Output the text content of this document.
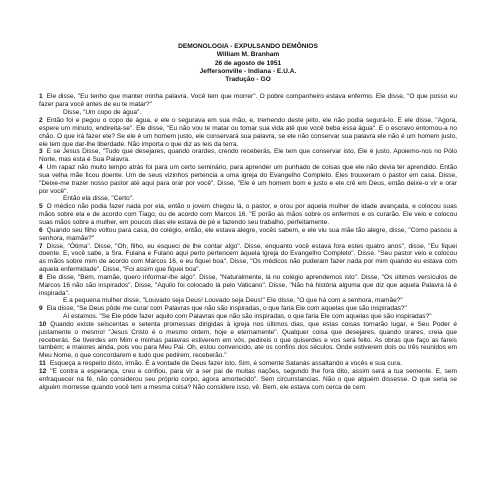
DEMONOLOGIA - EXPULSANDO DEMÔNIOS
William M. Branham
26 de agosto de 1951
Jeffersonville - Indiana - E.U.A.
Tradução - GO

1 Ele disse, "Eu tenho que manter minha palavra. Você tem que morrer". O pobre companheiro estava enfermo. Ele disse, "O que posso eu fazer para você antes de eu te matar?"

Disse, "Um copo de água".

2 Então foi e pegou o copo de água, e ele o segurava em sua mão, e, tremendo deste jeito, ele não podia segurá-lo. E ele disse, "Agora, espere um minuto, endireita-se". Ele disse, "Eu não vou te matar ou tomar sua vida até que você beba essa água". E o escravo entornou-a no chão. O que irá fazer ele? Se ele é um homem justo, ele conservará sua palavra, se ele não conservar sua palavra ele não é um homem justo, ele tem que dar-lhe liberdade. Não importa o que diz as leis da terra.

3 E se Jesus Disse, "Tudo que desejares, quando orardes, crendo receberás, Ele tem que conservar isto, Ele é justo. Apoiemo-nos no Pólo Norte, mas esta é Sua Palavra.

4 Um rapaz não muito tempo atrás foi para um certo seminário, para aprender um punhado de coisas que ele não devia ter aprendido. Então sua velha mãe ficou doente. Um de seus vizinhos pertencia a uma igreja do Evangelho Completo. Eles trouxeram o pastor em casa. Disse, "Deixe-me trazer nosso pastor até aqui para orar por você". Disse, "Ele é um homem bom e justo e ele crê em Deus, então deixe-o vir e orar por você".

Então ela disse, "Certo".

5 O médico não podia fazer nada por ela, então o jovem chegou lá, o pastor, e orou por aquela mulher de idade avançada, e colocou suas mãos sobre ela e de acordo com Tiago, ou de acordo com Marcos 16. "E porão as mãos sobre os enfermos e os curarão. Ele veio e colocou suas mãos sobre a mulher, em poucos dias ele estava de pé e fazendo seu trabalho, perfeitamente.

6 Quando seu filho voltou para casa, do colégio, então, ele estava alegre, vocês sabem, e ele viu sua mãe tão alegre, disse, "Como passou a senhora, mamãe?"

7 Disse, "Ótima". Disse, "Oh, filho, eu esqueci de lhe contar algo". Disse, enquanto você estava fora estes quatro anos", disse, "Eu fiquei doente. E, você sabe, a Sra. Fulana e Fulano aqui perto pertencem àquela Igreja do Evangelho Completo". Disse. "Seu pastor veio e colocou as mãos sobre mim de acordo com Marcos 16, e eu fiquei boa". Disse, "Os médicos não puderam fazer nada por mim quando eu estava com aquela enfermidade". Disse, "Foi assim que fiquei boa".

8 Ele disse, "Bem, mamãe, quero informar-lhe algo". Disse, "Naturalmente, lá no colégio aprendemos isto". Disse, "Os últimos versículos de Marcos 16 não são inspirados". Disse, "Aquilo foi colocado lá pelo Vaticano". Disse, "Não há história alguma que diz que aquela Palavra lá é inspirada".

E a pequena mulher disse, "Louvado seja Deus! Louvado seja Deus!" Ele disse, "O que há com a senhora, mamãe?"

9 Ela disse, "Se Deus pôde me curar com Palavras que não são inspiradas, o que faria Ele com aquelas que são inspiradas?"

Aí estamos. "Se Ele pôde fazer aquilo com Palavras que não são inspiradas, o que faria Ele com aquelas que são inspiradas?"

10 Quando existe seiscentas e setenta promessas dirigidas à igreja nos últimos dias, que estas coisas tornarão lugar, e Seu Poder é justamente o mesmo! "Jesus Cristo é o mesmo ontem, hoje e eternamente". Qualquer coisa que desejares, quando orares, creia que receberás. Se tiverdes em Mim e minhas palavras estiverem em vós, pedireis o que quiserdes e vos será feito. As obras que faço as fareis também; e maiores ainda, pois vou para Meu Pai. Oh, estou convencido, ate os confins dos séculos. Onde estiverem dois ou três reunidos em Meu Nome, o que concordarem e tudo que pedirem, receberão."

11 Esqueça a respeito disto, irmão. É a vontade de Deus fazer isto. Sim, é somente Satanás assaltando a vocês e sua cura.

12 "E contra a esperança, creu e confiou, para vir a ser pai de muitas nações, segundo lhe fora dito, assim será a tua semente. E, sem enfraquecer na fé, não considerou seu próprio corpo, agora amortecido". Sem circunstancias. Não o que alguém dissesse. O que seria se alguém morresse quando você tem a mesma coisa? Não considere isso, vê. Bem, ele estava com cerca de cem
